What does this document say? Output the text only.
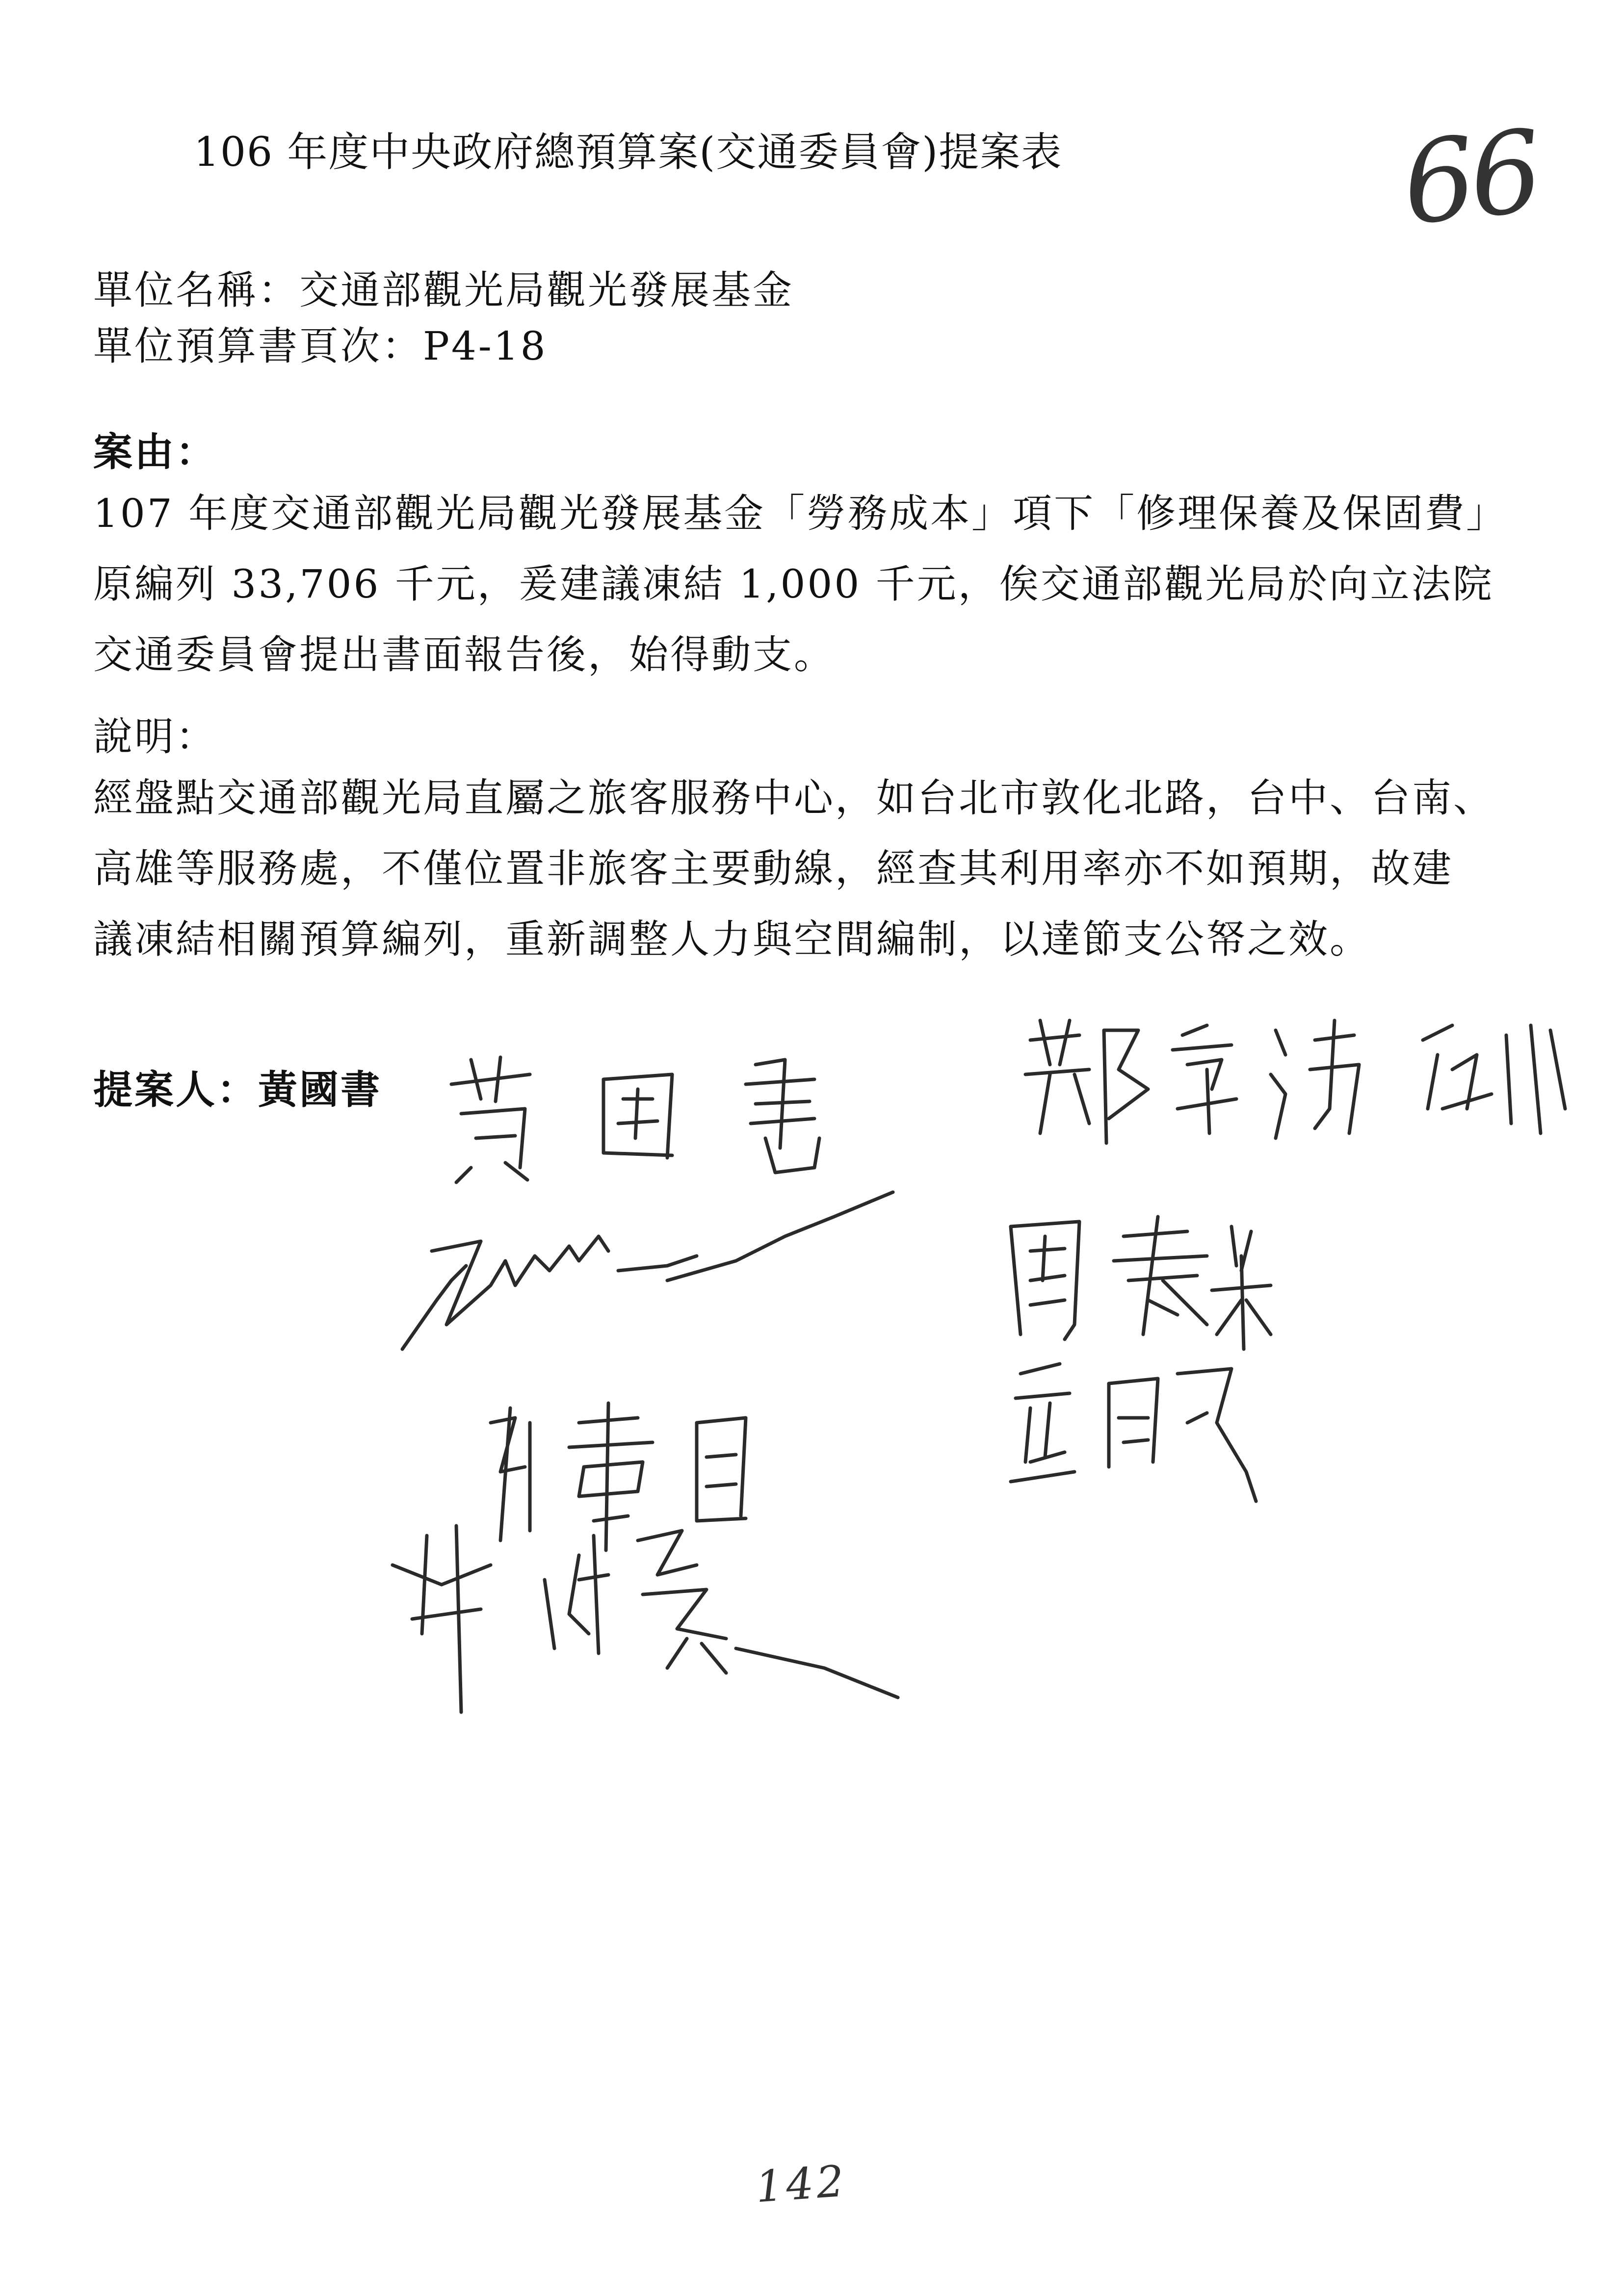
106 年度中央政府總預算案(交通委員會)提案表	66
單位名稱：交通部觀光局觀光發展基金
單位預算書頁次：P4-18
案由：
107 年度交通部觀光局觀光發展基金「勞務成本」項下「修理保養及保固費」
原編列 33,706 千元，爰建議凍結 1,000 千元，俟交通部觀光局於向立法院
交通委員會提出書面報告後，始得動支。
說明：
經盤點交通部觀光局直屬之旅客服務中心，如台北市敦化北路，台中、台南、
高雄等服務處，不僅位置非旅客主要動線，經查其利用率亦不如預期，故建
議凍結相關預算編列，重新調整人力與空間編制，以達節支公帑之效。
提案人：黃國書
142
